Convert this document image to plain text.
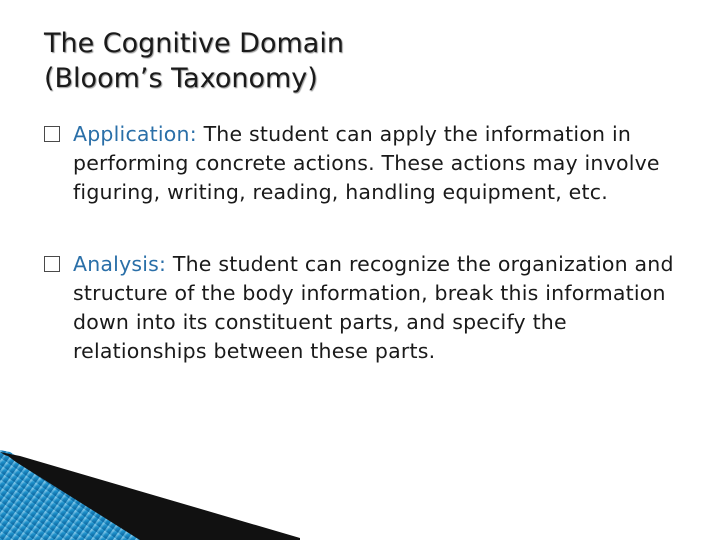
The Cognitive Domain
(Bloom’s Taxonomy)
Application: The student can apply the information in performing concrete actions. These actions may involve figuring, writing, reading, handling equipment, etc.
Analysis: The student can recognize the organization and structure of the body information, break this information down into its constituent parts, and specify the relationships between these parts.
